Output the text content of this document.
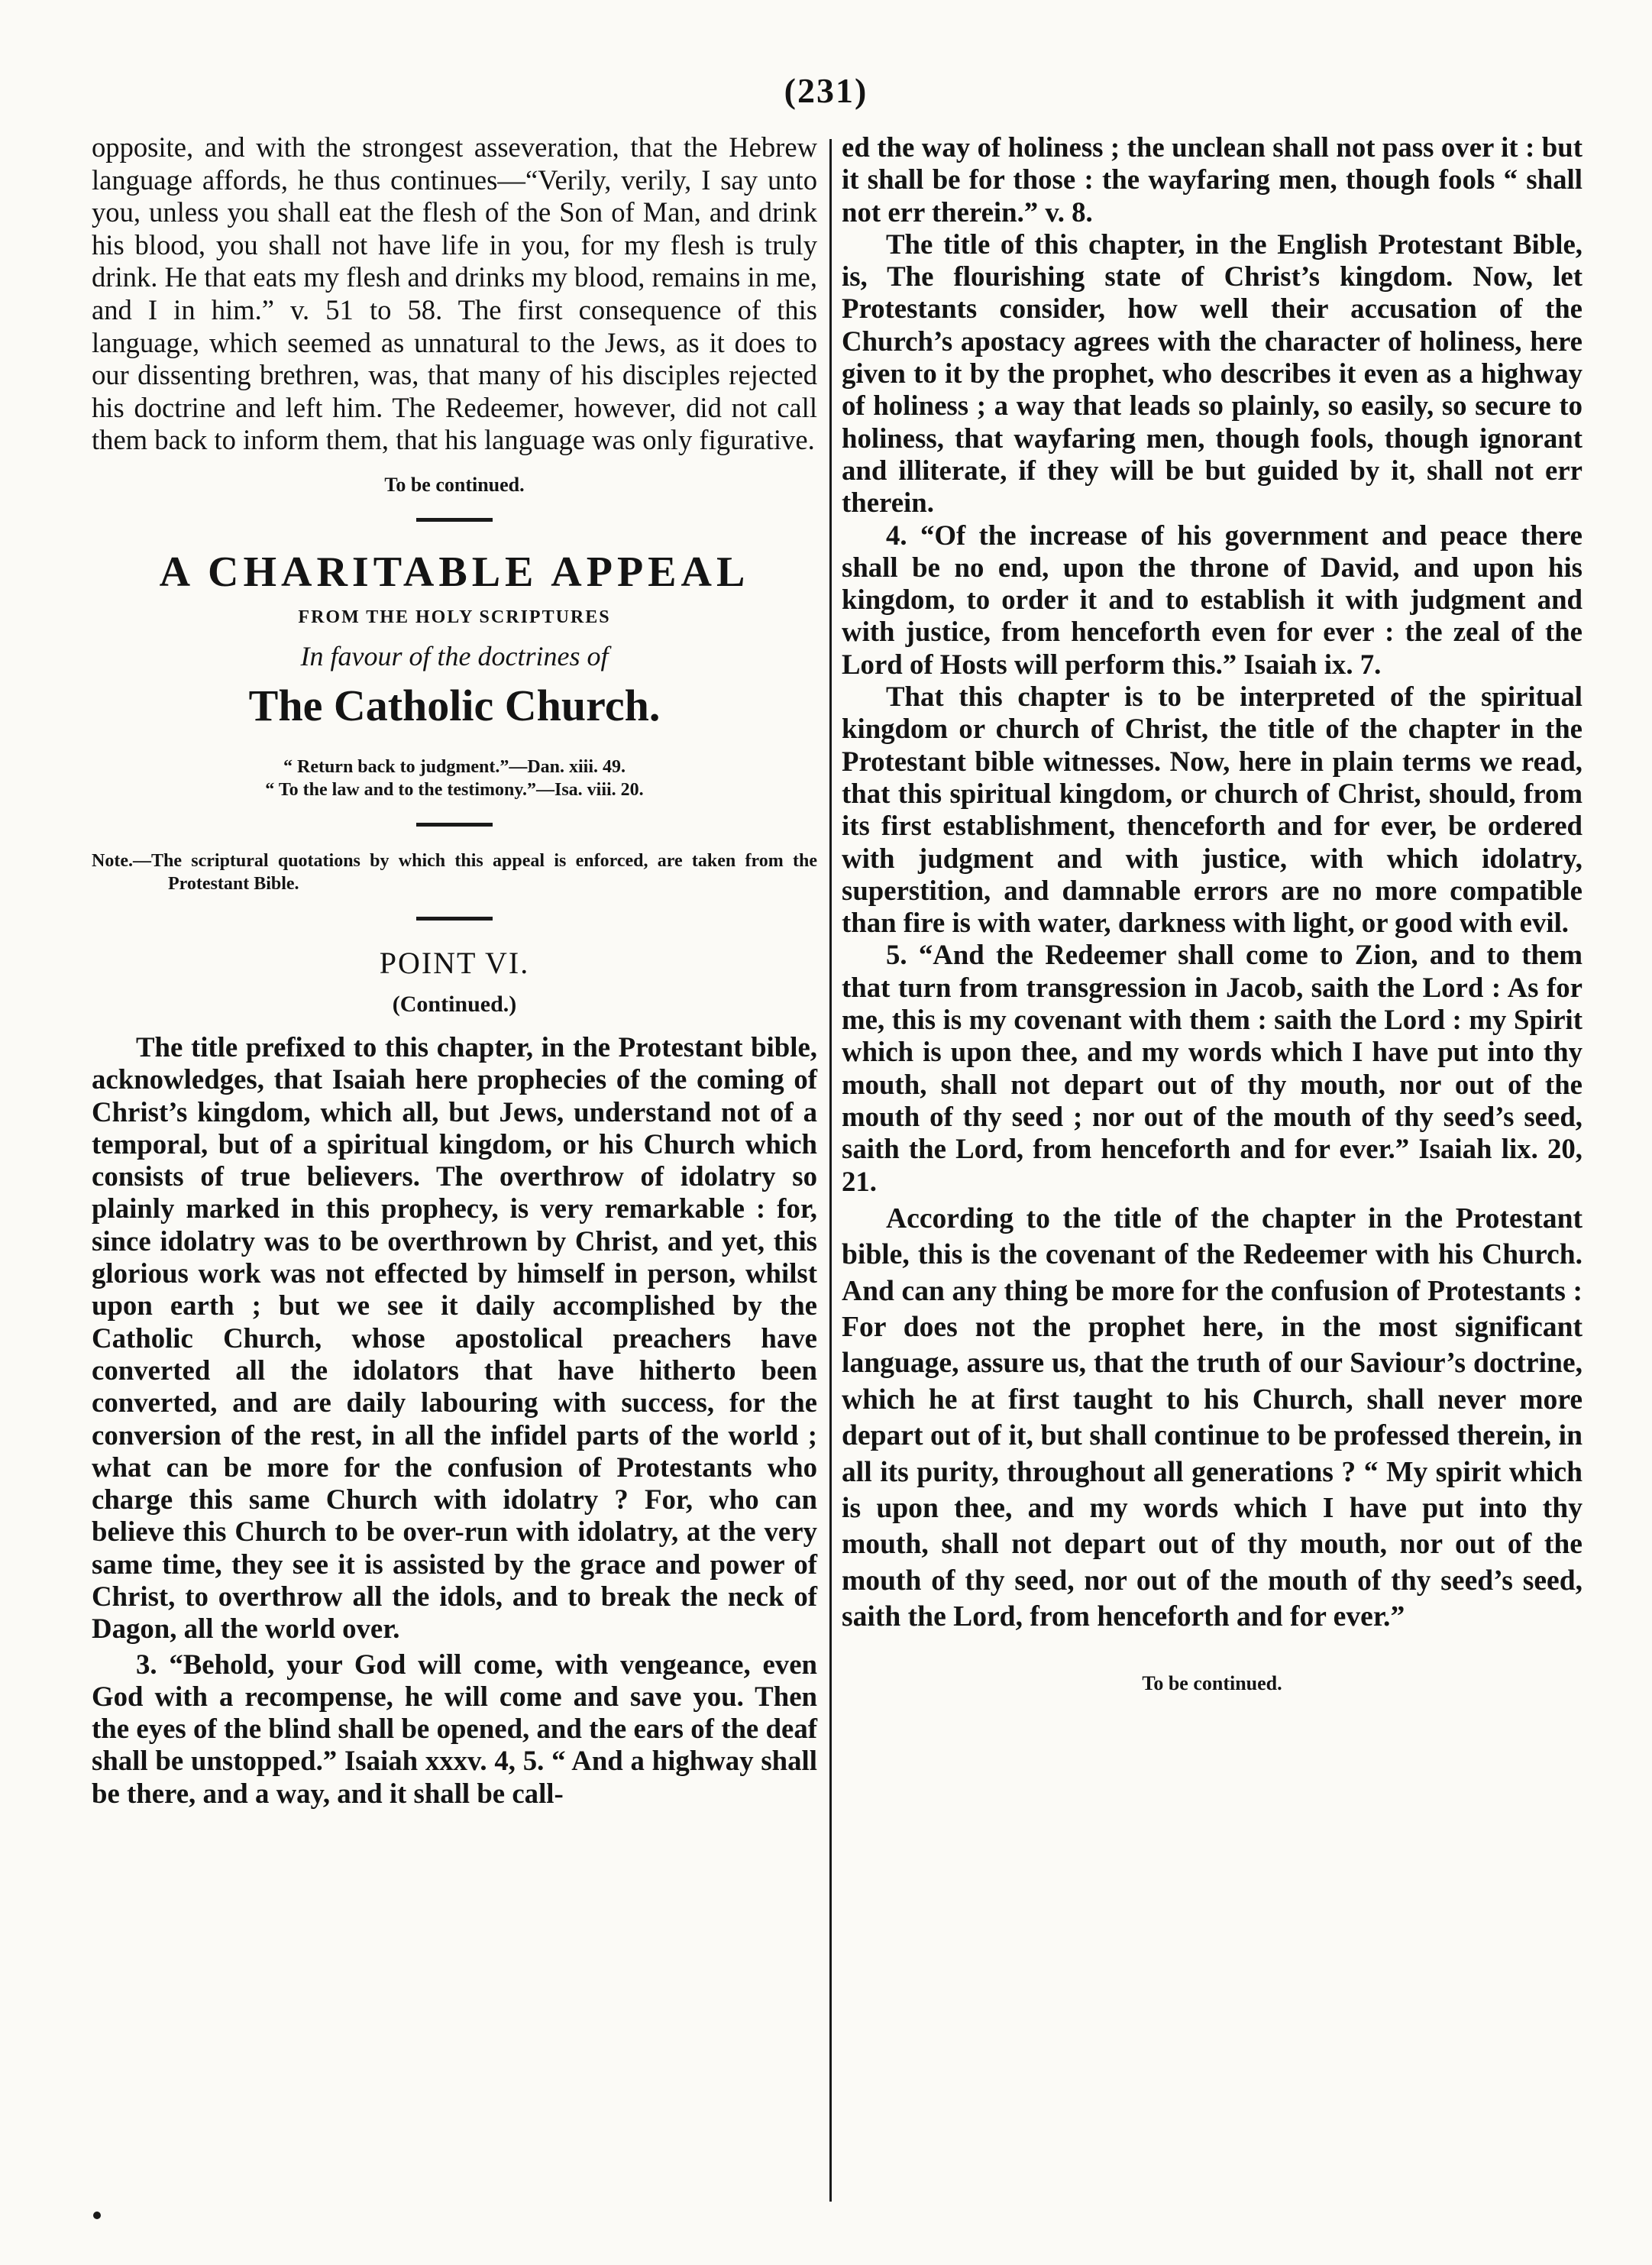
(231)

opposite, and with the strongest asseveration, that the Hebrew language affords, he thus continues—“Verily, verily, I say unto you, unless you shall eat the flesh of the Son of Man, and drink his blood, you shall not have life in you, for my flesh is truly drink. He that eats my flesh and drinks my blood, remains in me, and I in him.” v. 51 to 58. The first consequence of this language, which seemed as unnatural to the Jews, as it does to our dissenting brethren, was, that many of his disciples rejected his doctrine and left him. The Redeemer, however, did not call them back to inform them, that his language was only figurative.

To be continued.
A CHARITABLE APPEAL
FROM THE HOLY SCRIPTURES
In favour of the doctrines of
The Catholic Church.
“ Return back to judgment.”—Dan. xiii. 49.
“ To the law and to the testimony.”—Isa. viii. 20.
Note.—The scriptural quotations by which this appeal is enforced, are taken from the Protestant Bible.
POINT VI.
(Continued.)

The title prefixed to this chapter, in the Protestant bible, acknowledges, that Isaiah here prophecies of the coming of Christ’s kingdom, which all, but Jews, understand not of a temporal, but of a spiritual kingdom, or his Church which consists of true believers. The overthrow of idolatry so plainly marked in this prophecy, is very remarkable : for, since idolatry was to be overthrown by Christ, and yet, this glorious work was not effected by himself in person, whilst upon earth ; but we see it daily accomplished by the Catholic Church, whose apostolical preachers have converted all the idolators that have hitherto been converted, and are daily labouring with success, for the conversion of the rest, in all the infidel parts of the world ; what can be more for the confusion of Protestants who charge this same Church with idolatry ? For, who can believe this Church to be over-run with idolatry, at the very same time, they see it is assisted by the grace and power of Christ, to overthrow all the idols, and to break the neck of Dagon, all the world over.

3. “Behold, your God will come, with vengeance, even God with a recompense, he will come and save you. Then the eyes of the blind shall be opened, and the ears of the deaf shall be unstopped.” Isaiah xxxv. 4, 5. “ And a highway shall be there, and a way, and it shall be call-

ed the way of holiness ; the unclean shall not pass over it : but it shall be for those : the wayfaring men, though fools “ shall not err therein.” v. 8.

The title of this chapter, in the English Protestant Bible, is, The flourishing state of Christ’s kingdom. Now, let Protestants consider, how well their accusation of the Church’s apostacy agrees with the character of holiness, here given to it by the prophet, who describes it even as a highway of holiness ; a way that leads so plainly, so easily, so secure to holiness, that wayfaring men, though fools, though ignorant and illiterate, if they will be but guided by it, shall not err therein.

4. “Of the increase of his government and peace there shall be no end, upon the throne of David, and upon his kingdom, to order it and to establish it with judgment and with justice, from henceforth even for ever : the zeal of the Lord of Hosts will perform this.” Isaiah ix. 7.

That this chapter is to be interpreted of the spiritual kingdom or church of Christ, the title of the chapter in the Protestant bible witnesses. Now, here in plain terms we read, that this spiritual kingdom, or church of Christ, should, from its first establishment, thenceforth and for ever, be ordered with judgment and with justice, with which idolatry, superstition, and damnable errors are no more compatible than fire is with water, darkness with light, or good with evil.

5. “And the Redeemer shall come to Zion, and to them that turn from transgression in Jacob, saith the Lord : As for me, this is my covenant with them : saith the Lord : my Spirit which is upon thee, and my words which I have put into thy mouth, shall not depart out of thy mouth, nor out of the mouth of thy seed ; nor out of the mouth of thy seed’s seed, saith the Lord, from henceforth and for ever.” Isaiah lix. 20, 21.

According to the title of the chapter in the Protestant bible, this is the covenant of the Redeemer with his Church. And can any thing be more for the confusion of Protestants : For does not the prophet here, in the most significant language, assure us, that the truth of our Saviour’s doctrine, which he at first taught to his Church, shall never more depart out of it, but shall continue to be professed therein, in all its purity, throughout all generations ? “ My spirit which is upon thee, and my words which I have put into thy mouth, shall not depart out of thy mouth, nor out of the mouth of thy seed, nor out of the mouth of thy seed’s seed, saith the Lord, from henceforth and for ever.”

To be continued.
